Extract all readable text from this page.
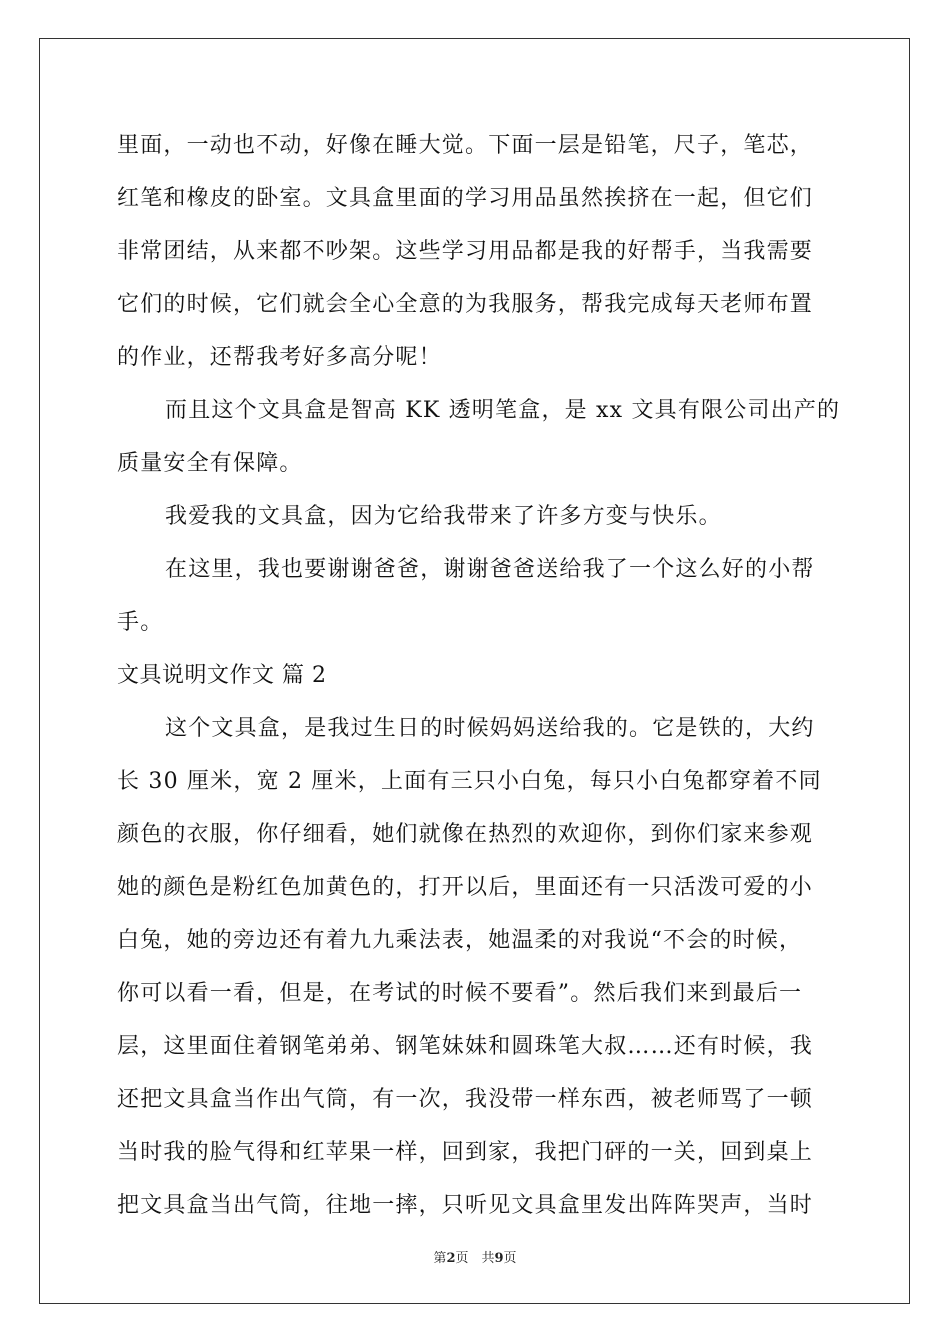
里面，一动也不动，好像在睡大觉。下面一层是铅笔，尺子，笔芯，
红笔和橡皮的卧室。文具盒里面的学习用品虽然挨挤在一起，但它们
非常团结，从来都不吵架。这些学习用品都是我的好帮手，当我需要
它们的时候，它们就会全心全意的为我服务，帮我完成每天老师布置
的作业，还帮我考好多高分呢！
而且这个文具盒是智高 KK 透明笔盒，是 xx 文具有限公司出产的
质量安全有保障。
我爱我的文具盒，因为它给我带来了许多方变与快乐。
在这里，我也要谢谢爸爸，谢谢爸爸送给我了一个这么好的小帮
手。
文具说明文作文 篇 2
这个文具盒，是我过生日的时候妈妈送给我的。它是铁的，大约
长 30 厘米，宽 2 厘米，上面有三只小白兔，每只小白兔都穿着不同
颜色的衣服，你仔细看，她们就像在热烈的欢迎你，到你们家来参观
她的颜色是粉红色加黄色的，打开以后，里面还有一只活泼可爱的小
白兔，她的旁边还有着九九乘法表，她温柔的对我说“不会的时候，
你可以看一看，但是，在考试的时候不要看”。然后我们来到最后一
层，这里面住着钢笔弟弟、钢笔妹妹和圆珠笔大叔……还有时候，我
还把文具盒当作出气筒，有一次，我没带一样东西，被老师骂了一顿
当时我的脸气得和红苹果一样，回到家，我把门砰的一关，回到桌上
把文具盒当出气筒，往地一摔，只听见文具盒里发出阵阵哭声，当时
第2页　共9页
